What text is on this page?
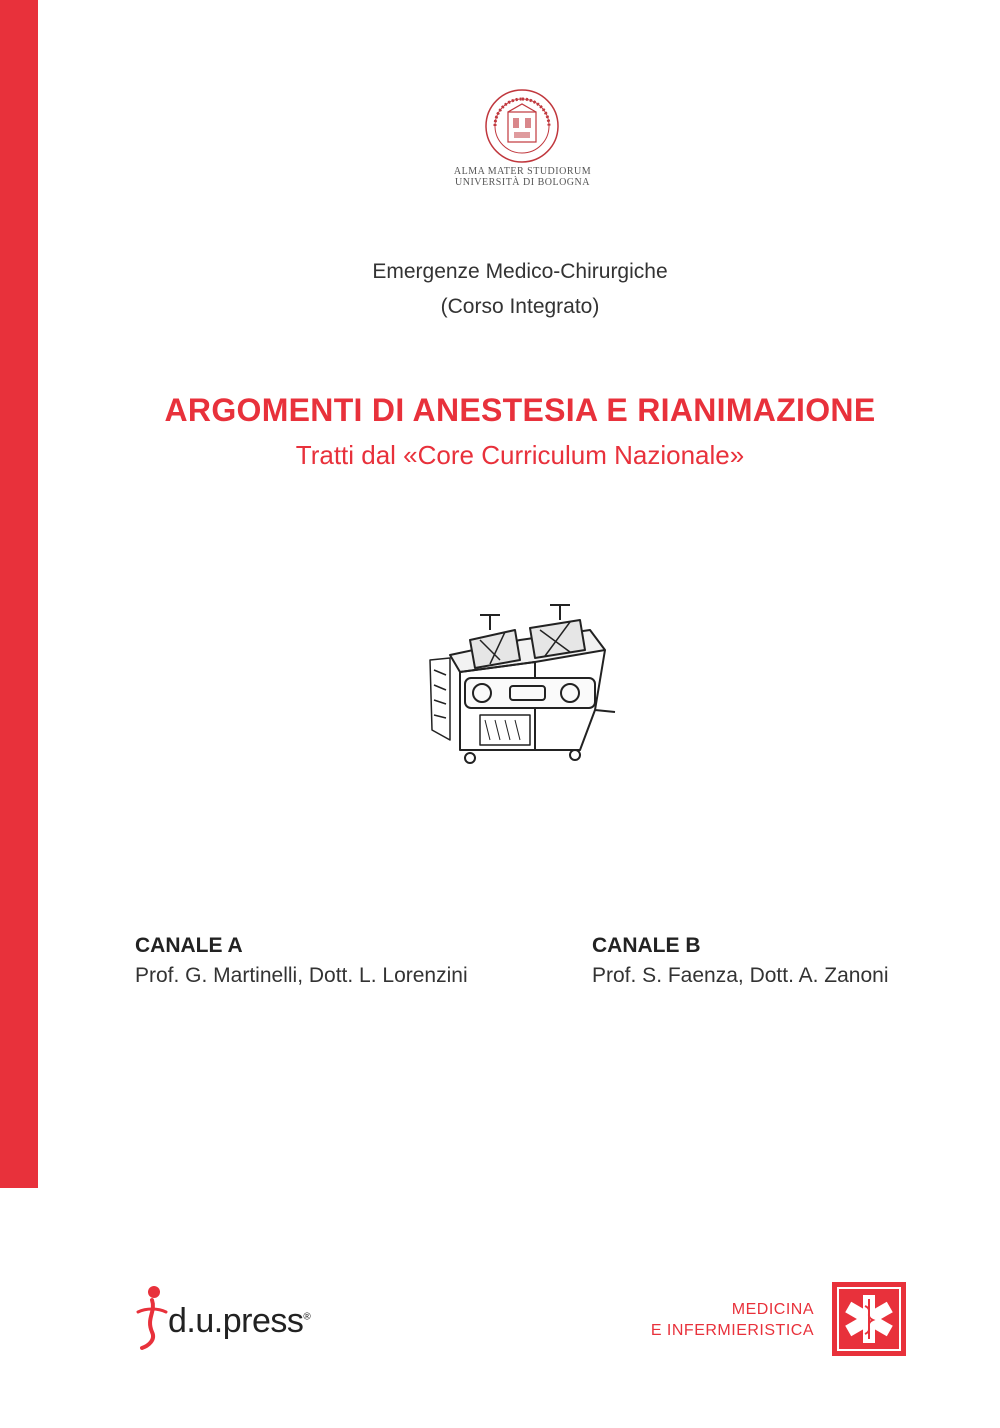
ALMA MATER STUDIORUM
UNIVERSITÀ DI BOLOGNA
Emergenze Medico-Chirurgiche
(Corso Integrato)
ARGOMENTI DI ANESTESIA E RIANIMAZIONE
Tratti dal «Core Curriculum Nazionale»
CANALE A
Prof. G. Martinelli, Dott. L. Lorenzini
CANALE B
Prof. S. Faenza, Dott. A. Zanoni
d.u.press®	MEDICINA
E INFERMIERISTICA
